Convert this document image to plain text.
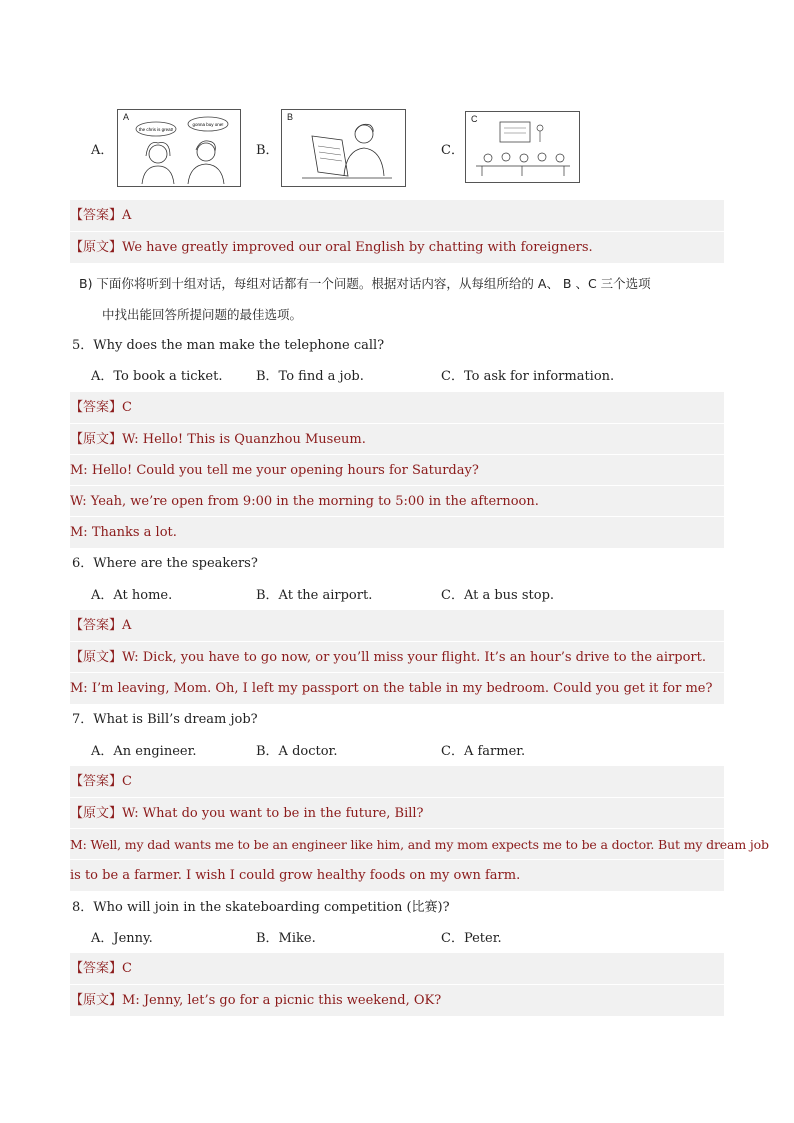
A．
A
the chris is great!
gonna buy one!
B．
B
C．
C
【答案】A
【原文】We have greatly improved our oral English by chatting with foreigners.
B) 下面你将听到十组对话，每组对话都有一个问题。根据对话内容，从每组所给的 A、 B 、C 三个选项
中找出能回答所提问题的最佳选项。
5．Why does the man make the telephone call?
A．To book a ticket.	B．To find a job.	C．To ask for information.
【答案】C
【原文】W: Hello! This is Quanzhou Museum.
M: Hello! Could you tell me your opening hours for Saturday?
W: Yeah, we’re open from 9:00 in the morning to 5:00 in the afternoon.
M: Thanks a lot.
6．Where are the speakers?
A．At home.	B．At the airport.	C．At a bus stop.
【答案】A
【原文】W: Dick, you have to go now, or you’ll miss your flight. It’s an hour’s drive to the airport.
M: I’m leaving, Mom. Oh, I left my passport on the table in my bedroom. Could you get it for me?
7．What is Bill’s dream job?
A．An engineer.	B．A doctor.	C．A farmer.
【答案】C
【原文】W: What do you want to be in the future, Bill?
M: Well, my dad wants me to be an engineer like him, and my mom expects me to be a doctor. But my dream job
is to be a farmer. I wish I could grow healthy foods on my own farm.
8．Who will join in the skateboarding competition (比赛)?
A．Jenny.	B．Mike.	C．Peter.
【答案】C
【原文】M: Jenny, let’s go for a picnic this weekend, OK?
